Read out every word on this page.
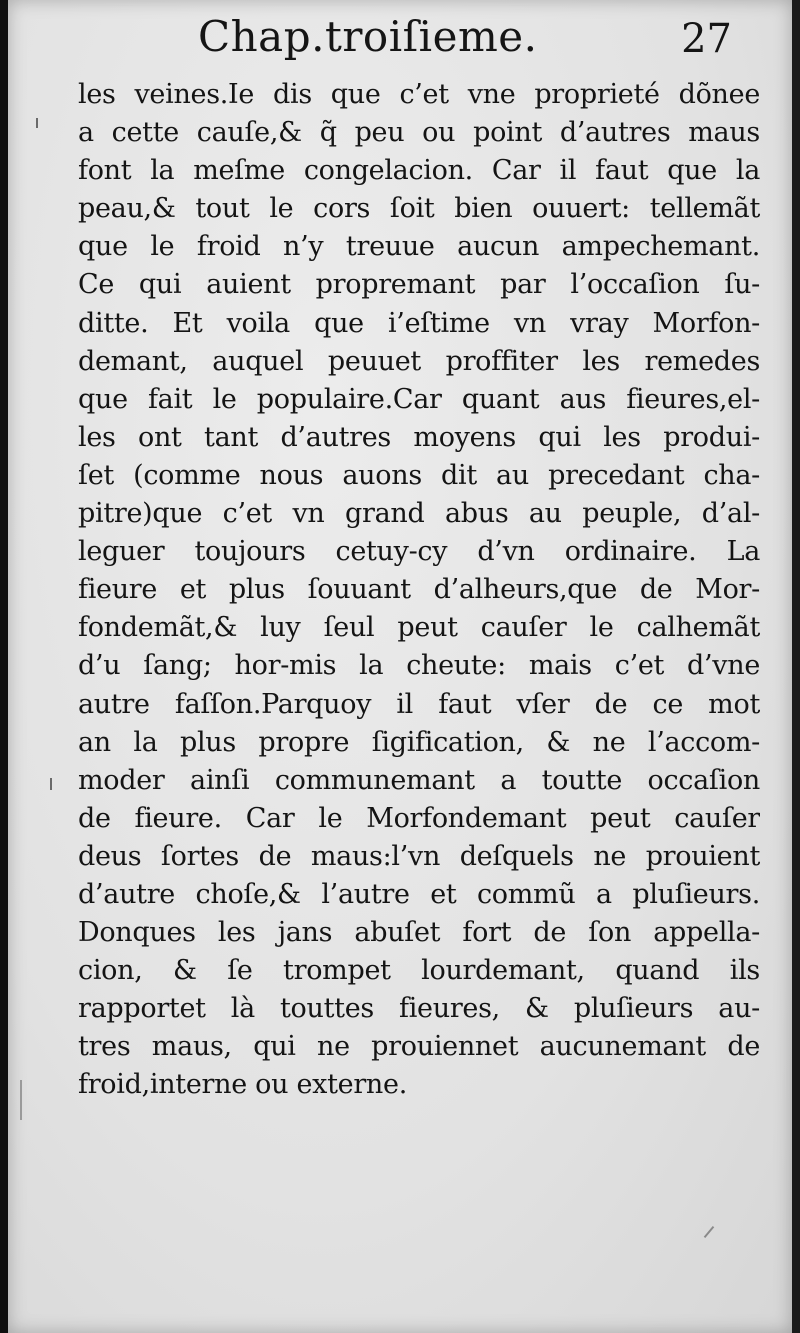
Chap.troiſieme.	27
les veines.Ie dis que c’et vne proprieté dõnee
a cette cauſe,& q̃ peu ou point d’autres maus
font la meſme congelacion. Car il faut que la
peau,& tout le cors ſoit bien ouuert: tellemãt
que le froid n’y treuue aucun ampechemant.
Ce qui auient propremant par l’occaſion ſu-
ditte. Et voila que i’eſtime vn vray Morfon-
demant, auquel peuuet proffiter les remedes
que fait le populaire.Car quant aus fieures,el-
les ont tant d’autres moyens qui les produi-
ſet (comme nous auons dit au precedant cha-
pitre)que c’et vn grand abus au peuple, d’al-
leguer toujours cetuy-cy d’vn ordinaire. La
fieure et plus ſouuant d’alheurs,que de Mor-
fondemãt,& luy ſeul peut cauſer le calhemãt
d’u ſang; hor-mis la cheute: mais c’et d’vne
autre faſſon.Parquoy il faut vſer de ce mot
an la plus propre ſigification, & ne l’accom-
moder ainſi communemant a toutte occaſion
de fieure. Car le Morfondemant peut cauſer
deus ſortes de maus:l’vn deſquels ne prouient
d’autre choſe,& l’autre et commũ a pluſieurs.
Donques les jans abuſet fort de ſon appella-
cion, & ſe trompet lourdemant, quand ils
rapportet là touttes fieures, & pluſieurs au-
tres maus, qui ne prouiennet aucunemant de
froid,interne ou externe.
